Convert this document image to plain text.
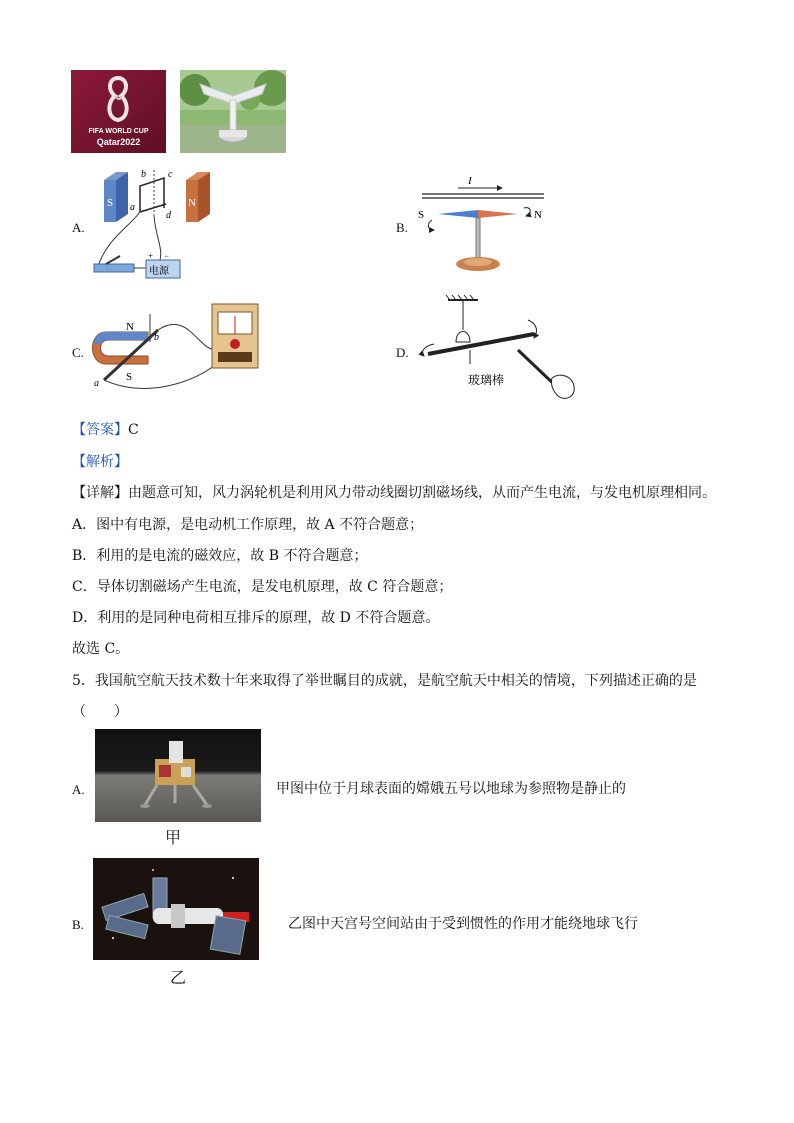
FIFA WORLD CUP
Qatar2022
A.
S	N
b c
a
d
+ −
电源
B.
I
S	N
C.
N
S
a
b
D.
玻璃棒
【答案】C
【解析】
【详解】由题意可知，风力涡轮机是利用风力带动线圈切割磁场线，从而产生电流，与发电机原理相同。
A．图中有电源，是电动机工作原理，故 A 不符合题意；
B．利用的是电流的磁效应，故 B 不符合题意；
C．导体切割磁场产生电流，是发电机原理，故 C 符合题意；
D．利用的是同种电荷相互排斥的原理，故 D 不符合题意。
故选 C。
5．我国航空航天技术数十年来取得了举世瞩目的成就，是航空航天中相关的情境，下列描述正确的是
（　　）
A.
甲
甲图中位于月球表面的嫦娥五号以地球为参照物是静止的
B.
乙
乙图中天宫号空间站由于受到惯性的作用才能绕地球飞行
